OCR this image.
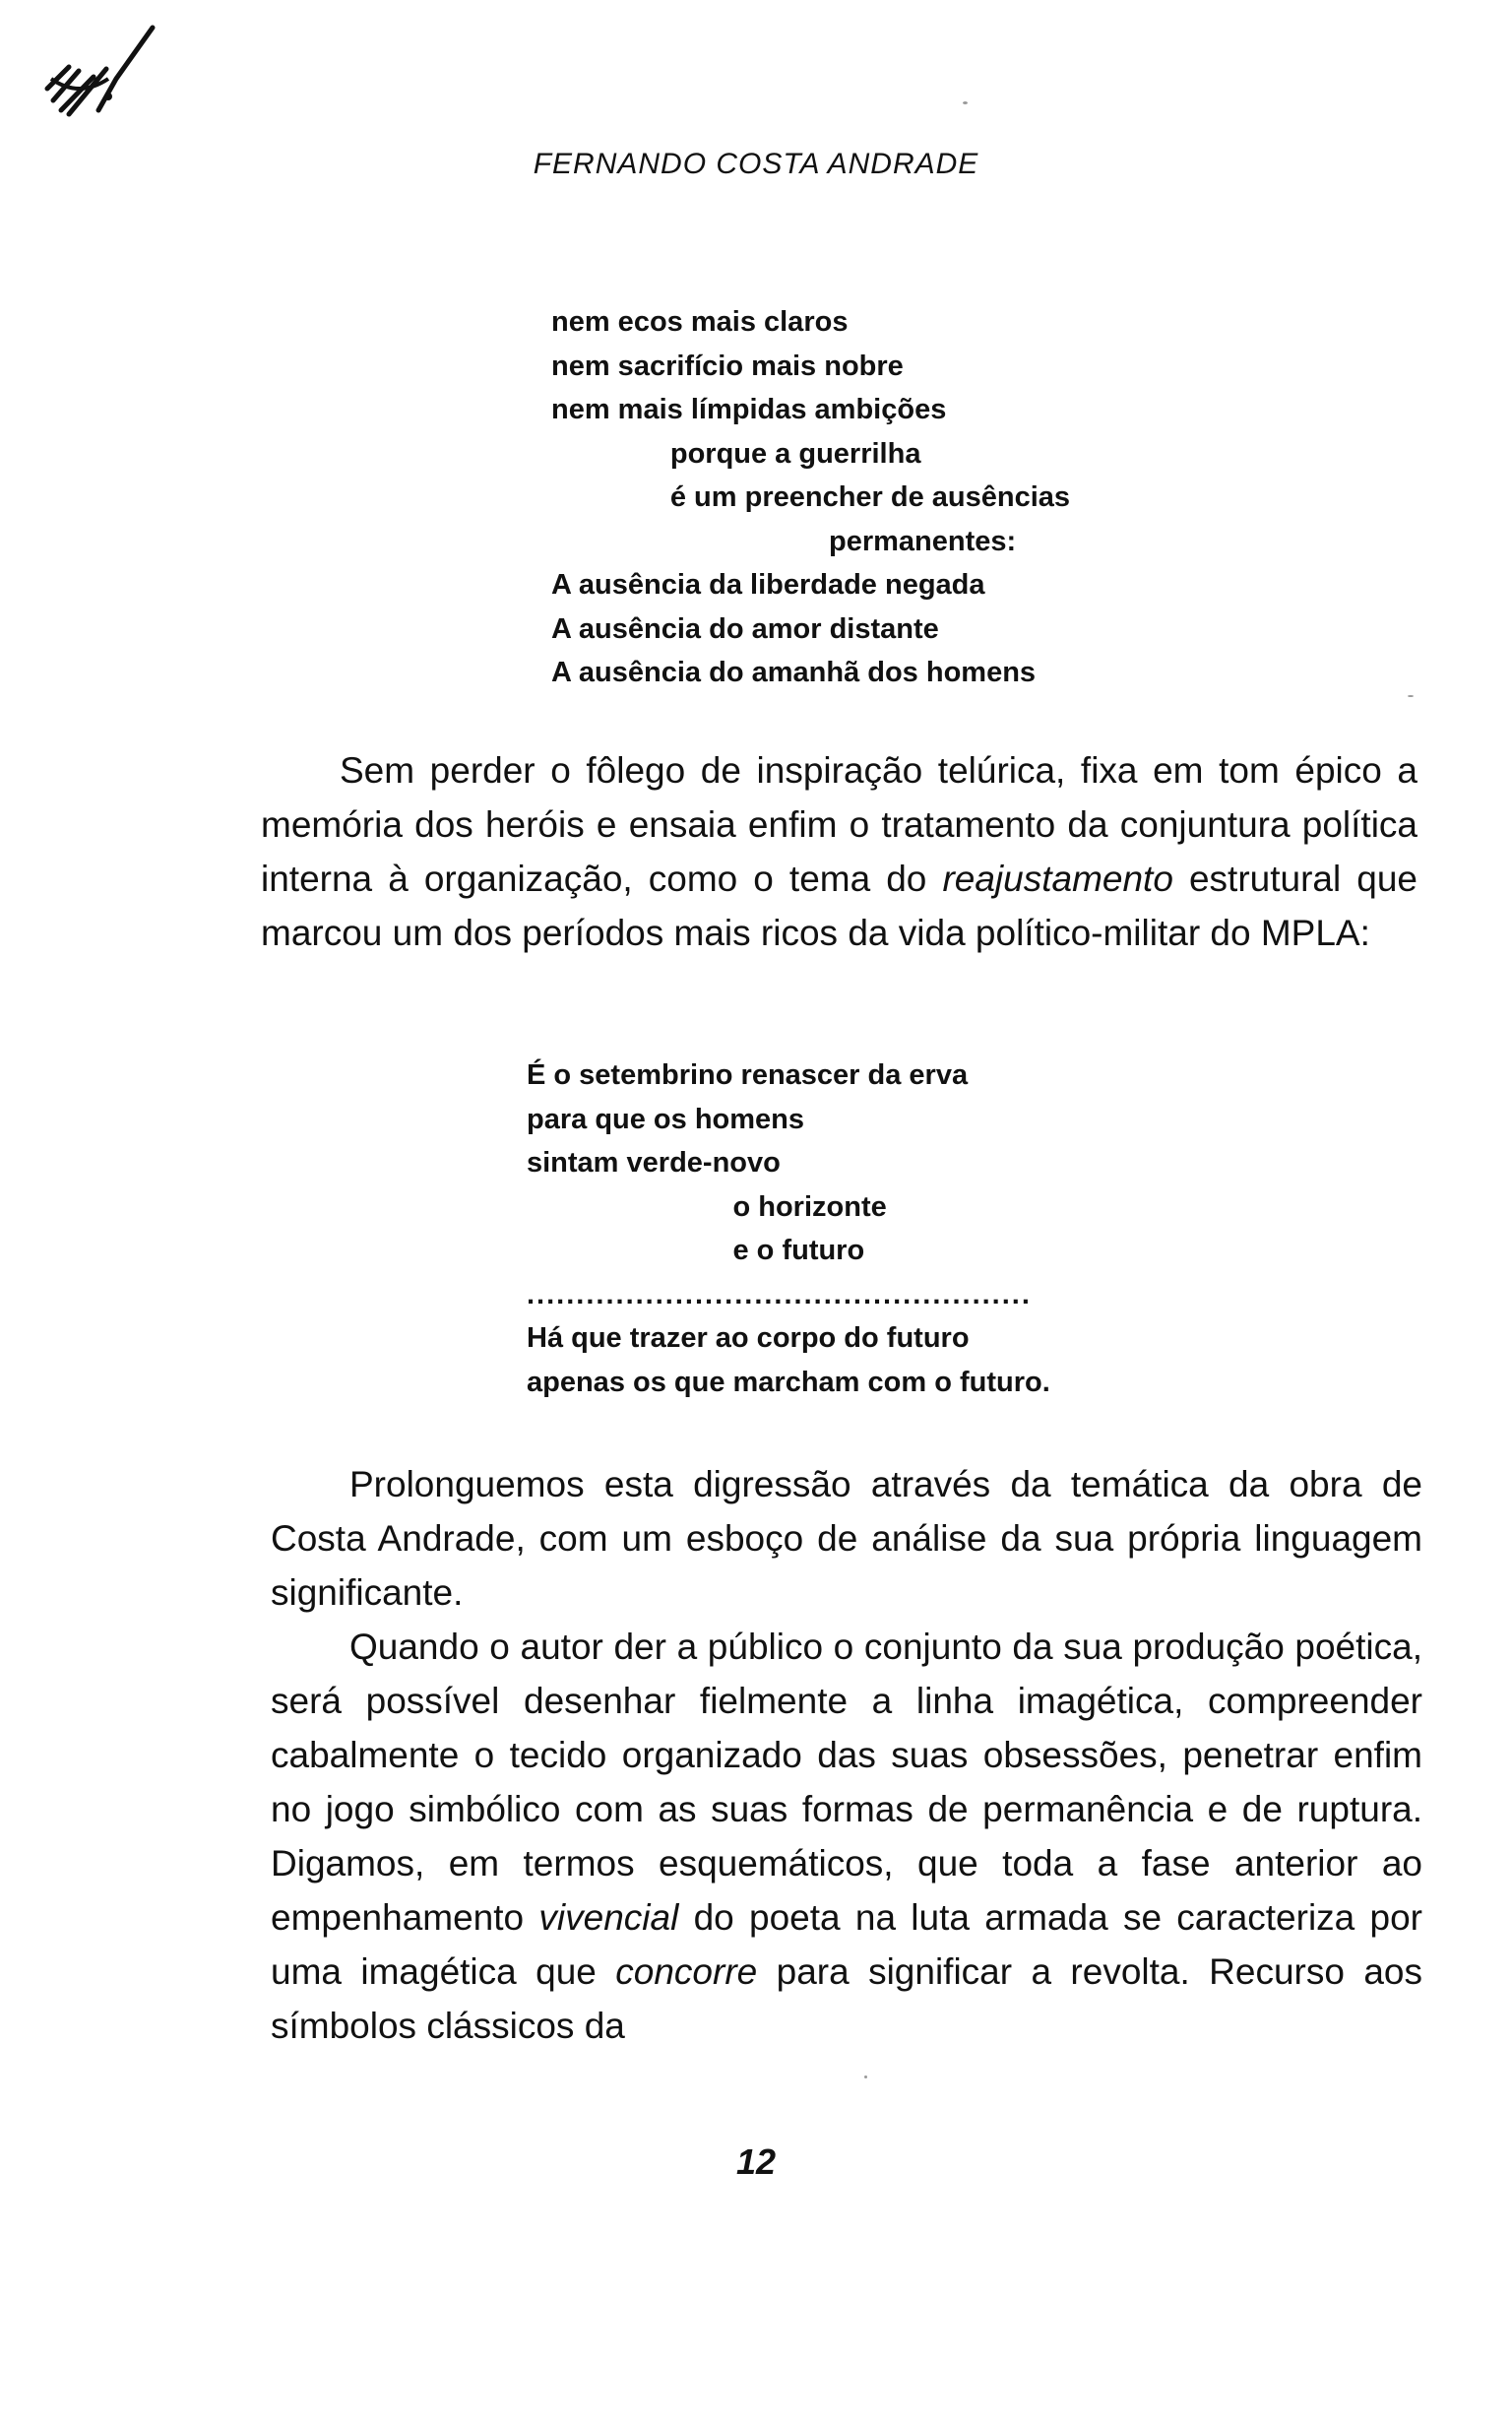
FERNANDO COSTA ANDRADE
nem ecos mais claros
nem sacrifício mais nobre
nem mais límpidas ambições
porque a guerrilha
é um preencher de ausências
permanentes:
A ausência da liberdade negada
A ausência do amor distante
A ausência do amanhã dos homens

Sem perder o fôlego de inspiração telúrica, fixa em tom épico a memória dos heróis e ensaia enfim o tratamento da conjuntura política interna à organização, como o tema do reajustamento estrutural que marcou um dos períodos mais ricos da vida político-militar do MPLA:

É o setembrino renascer da erva
para que os homens
sintam verde-novo
o horizonte
e o futuro
...................................................
Há que trazer ao corpo do futuro
apenas os que marcham com o futuro.

Prolonguemos esta digressão através da temática da obra de Costa Andrade, com um esboço de análise da sua própria linguagem significante.

Quando o autor der a público o conjunto da sua produção poética, será possível desenhar fielmente a linha imagética, compreender cabalmente o tecido organizado das suas obsessões, penetrar enfim no jogo simbólico com as suas formas de permanência e de ruptura. Digamos, em termos esquemáticos, que toda a fase anterior ao empenhamento vivencial do poeta na luta armada se caracteriza por uma imagética que concorre para significar a revolta. Recurso aos símbolos clássicos da

12
